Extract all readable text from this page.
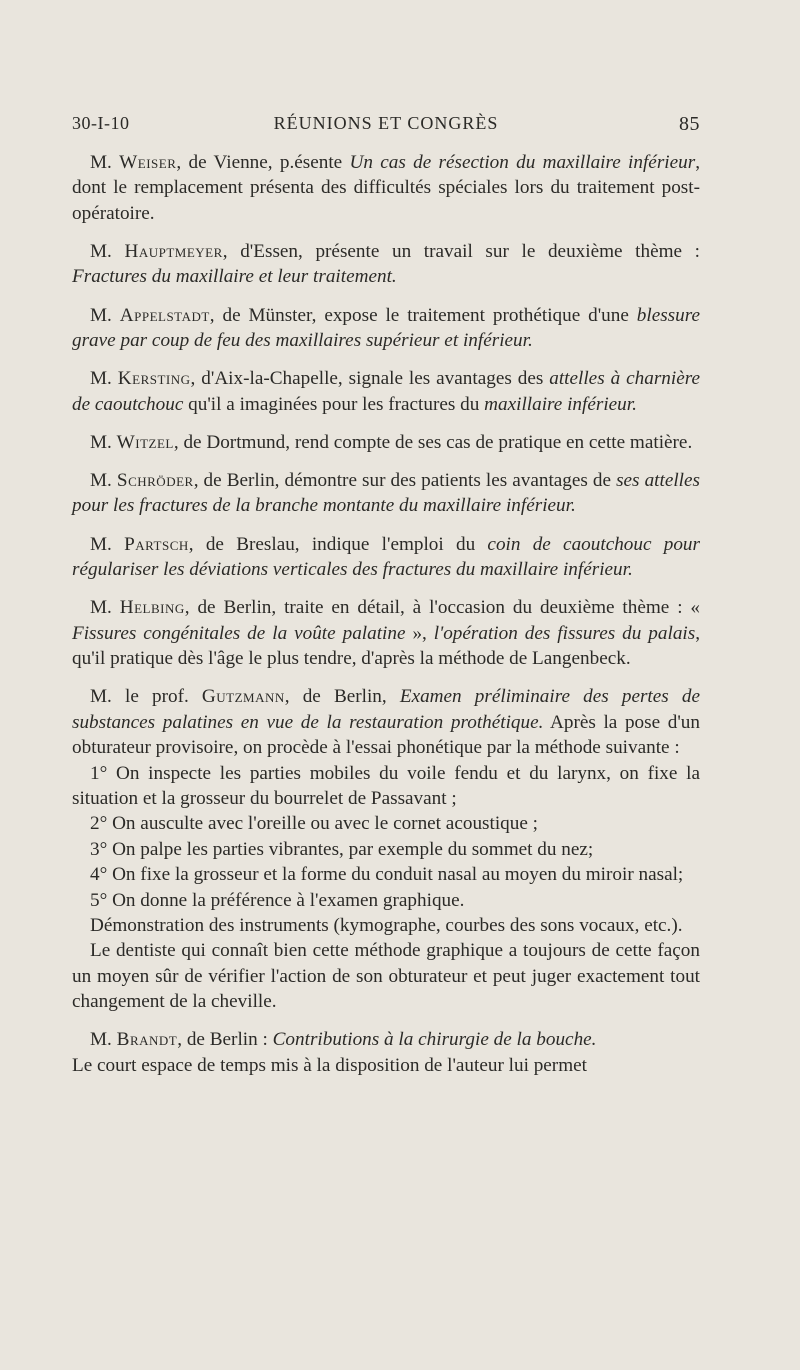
30-I-10	RÉUNIONS ET CONGRÈS	85

M. Weiser, de Vienne, p.ésente Un cas de résection du maxillaire inférieur, dont le remplacement présenta des difficultés spéciales lors du traitement post-opératoire.

M. Hauptmeyer, d'Essen, présente un travail sur le deuxième thème : Fractures du maxillaire et leur traitement.

M. Appelstadt, de Münster, expose le traitement prothétique d'une blessure grave par coup de feu des maxillaires supérieur et inférieur.

M. Kersting, d'Aix-la-Chapelle, signale les avantages des attelles à charnière de caoutchouc qu'il a imaginées pour les fractures du maxillaire inférieur.

M. Witzel, de Dortmund, rend compte de ses cas de pratique en cette matière.

M. Schröder, de Berlin, démontre sur des patients les avantages de ses attelles pour les fractures de la branche montante du maxillaire inférieur.

M. Partsch, de Breslau, indique l'emploi du coin de caoutchouc pour régulariser les déviations verticales des fractures du maxillaire inférieur.

M. Helbing, de Berlin, traite en détail, à l'occasion du deuxième thème : « Fissures congénitales de la voûte palatine », l'opération des fissures du palais, qu'il pratique dès l'âge le plus tendre, d'après la méthode de Langenbeck.

M. le prof. Gutzmann, de Berlin, Examen préliminaire des pertes de substances palatines en vue de la restauration prothétique. Après la pose d'un obturateur provisoire, on procède à l'essai phonétique par la méthode suivante :

1° On inspecte les parties mobiles du voile fendu et du larynx, on fixe la situation et la grosseur du bourrelet de Passavant ;

2° On ausculte avec l'oreille ou avec le cornet acoustique ;

3° On palpe les parties vibrantes, par exemple du sommet du nez;

4° On fixe la grosseur et la forme du conduit nasal au moyen du miroir nasal;

5° On donne la préférence à l'examen graphique.

Démonstration des instruments (kymographe, courbes des sons vocaux, etc.).

Le dentiste qui connaît bien cette méthode graphique a toujours de cette façon un moyen sûr de vérifier l'action de son obturateur et peut juger exactement tout changement de la cheville.

M. Brandt, de Berlin : Contributions à la chirurgie de la bouche.

Le court espace de temps mis à la disposition de l'auteur lui permet
